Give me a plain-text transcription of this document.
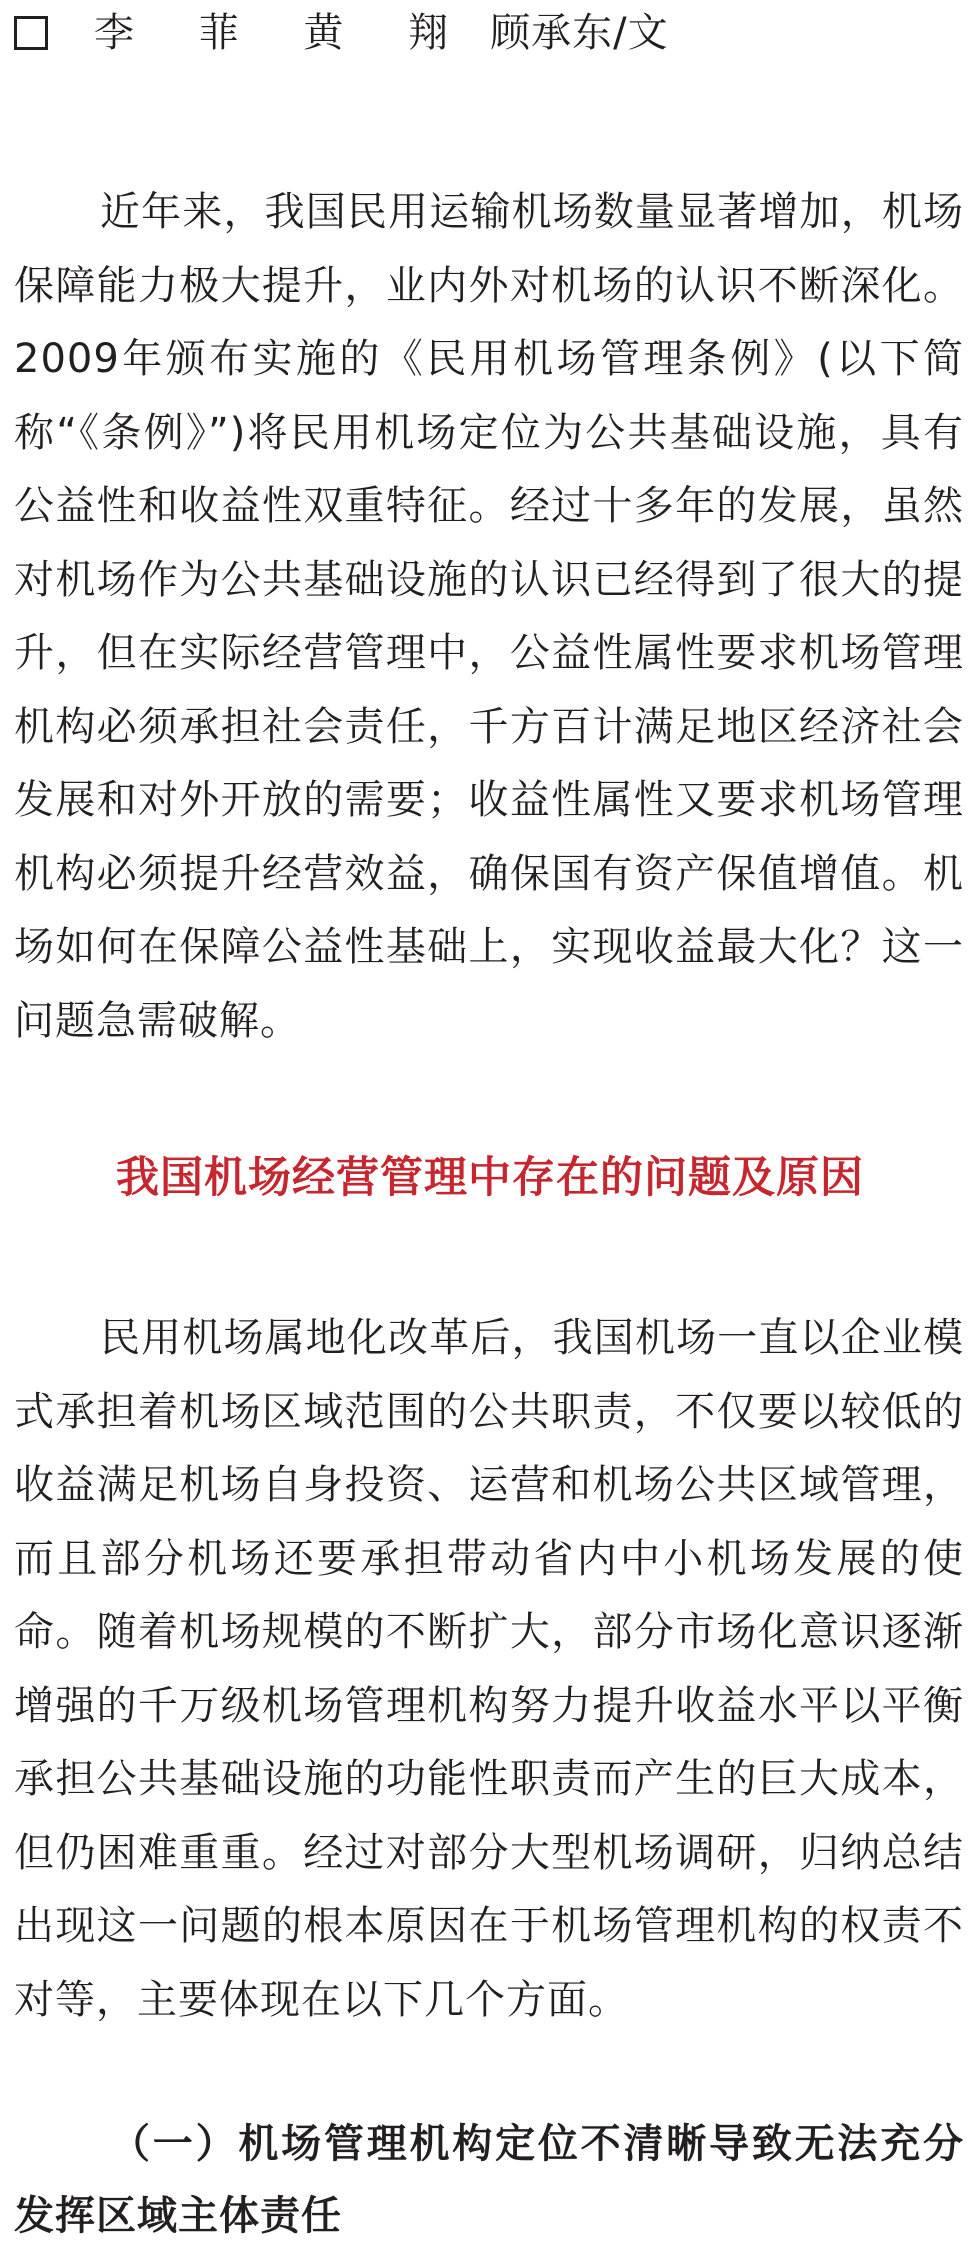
李 菲 黄 翔 顾承东/文

近年来，我国民用运输机场数量显著增加，机场保障能力极大提升，业内外对机场的认识不断深化。2009年颁布实施的《民用机场管理条例》(以下简称“《条例》”)将民用机场定位为公共基础设施，具有公益性和收益性双重特征。经过十多年的发展，虽然对机场作为公共基础设施的认识已经得到了很大的提升，但在实际经营管理中，公益性属性要求机场管理机构必须承担社会责任，千方百计满足地区经济社会发展和对外开放的需要；收益性属性又要求机场管理机构必须提升经营效益，确保国有资产保值增值。机场如何在保障公益性基础上，实现收益最大化？这一问题急需破解。

我国机场经营管理中存在的问题及原因

民用机场属地化改革后，我国机场一直以企业模式承担着机场区域范围的公共职责，不仅要以较低的收益满足机场自身投资、运营和机场公共区域管理，而且部分机场还要承担带动省内中小机场发展的使命。随着机场规模的不断扩大，部分市场化意识逐渐增强的千万级机场管理机构努力提升收益水平以平衡承担公共基础设施的功能性职责而产生的巨大成本，但仍困难重重。经过对部分大型机场调研，归纳总结出现这一问题的根本原因在于机场管理机构的权责不对等，主要体现在以下几个方面。

（一）机场管理机构定位不清晰导致无法充分发挥区域主体责任
